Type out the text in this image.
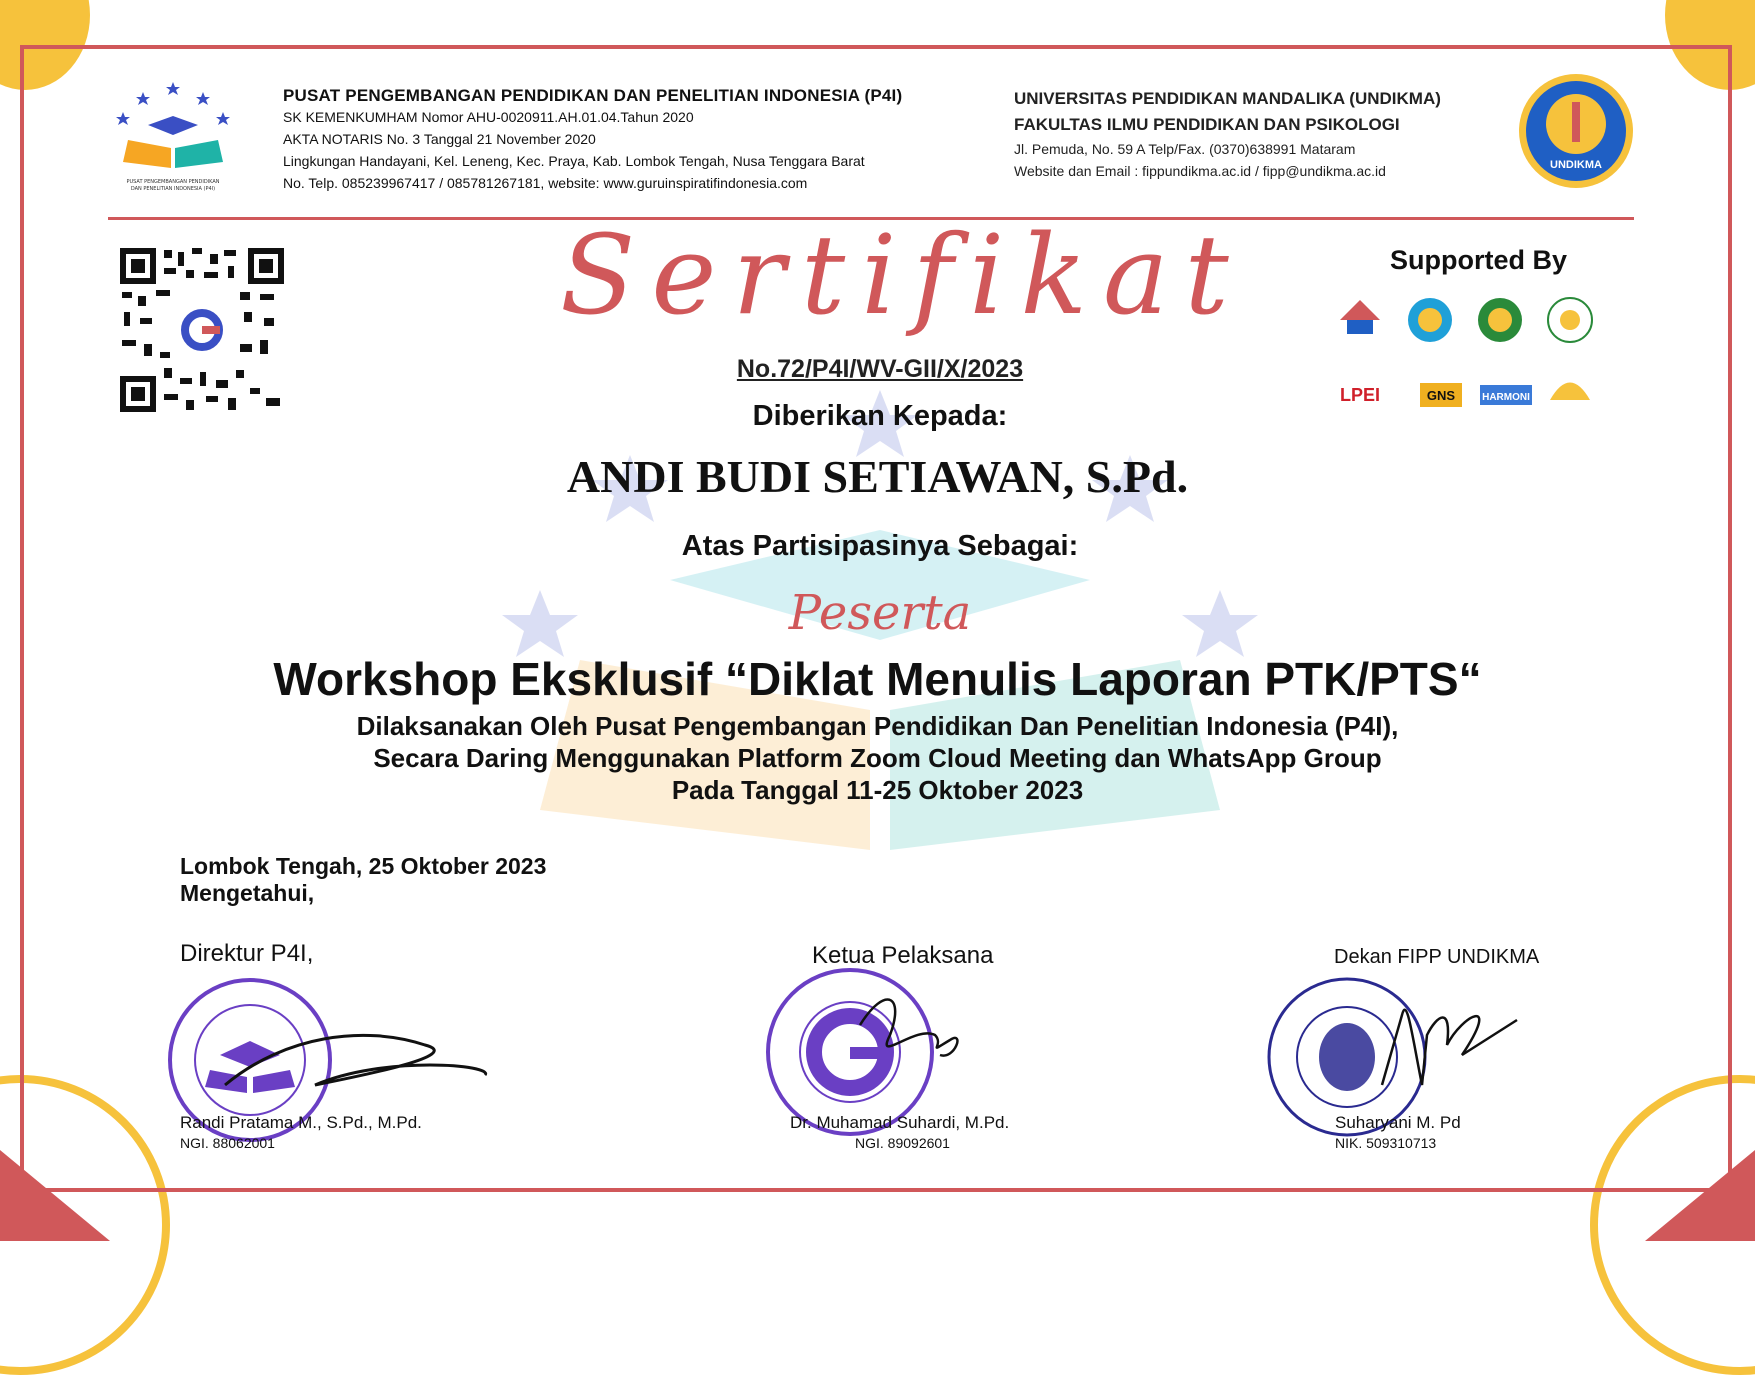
PUSAT PENGEMBANGAN PENDIDIKAN
DAN PENELITIAN INDONESIA (P4I)
PUSAT PENGEMBANGAN PENDIDIKAN DAN PENELITIAN INDONESIA (P4I)
SK KEMENKUMHAM Nomor AHU-0020911.AH.01.04.Tahun 2020
AKTA NOTARIS No. 3 Tanggal 21 November 2020
Lingkungan Handayani, Kel. Leneng, Kec. Praya, Kab. Lombok Tengah, Nusa Tenggara Barat
No. Telp. 085239967417 / 085781267181, website: www.guruinspiratifindonesia.com
UNIVERSITAS PENDIDIKAN MANDALIKA (UNDIKMA)
FAKULTAS ILMU PENDIDIKAN DAN PSIKOLOGI
Jl. Pemuda, No. 59 A Telp/Fax. (0370)638991 Mataram
Website dan Email : fippundikma.ac.id / fipp@undikma.ac.id	UNDIKMA
Sertifikat
No.72/P4I/WV-GII/X/2023
Diberikan Kepada:
ANDI BUDI SETIAWAN, S.Pd.
Atas Partisipasinya Sebagai:
Peserta
Workshop Eksklusif “Diklat Menulis Laporan PTK/PTS“
Dilaksanakan Oleh Pusat Pengembangan Pendidikan Dan Penelitian Indonesia (P4I),
Secara Daring Menggunakan Platform Zoom Cloud Meeting dan WhatsApp Group
Pada Tanggal 11-25 Oktober 2023
Supported By
LPEI	GNS	HARMONI
Lombok Tengah, 25 Oktober 2023
Mengetahui,
Direktur P4I,
Randi Pratama M., S.Pd., M.Pd.
NGI. 88062001
Ketua Pelaksana
Dr. Muhamad Suhardi, M.Pd.
NGI. 89092601
Dekan FIPP UNDIKMA
Suharyani M. Pd
NIK. 509310713
